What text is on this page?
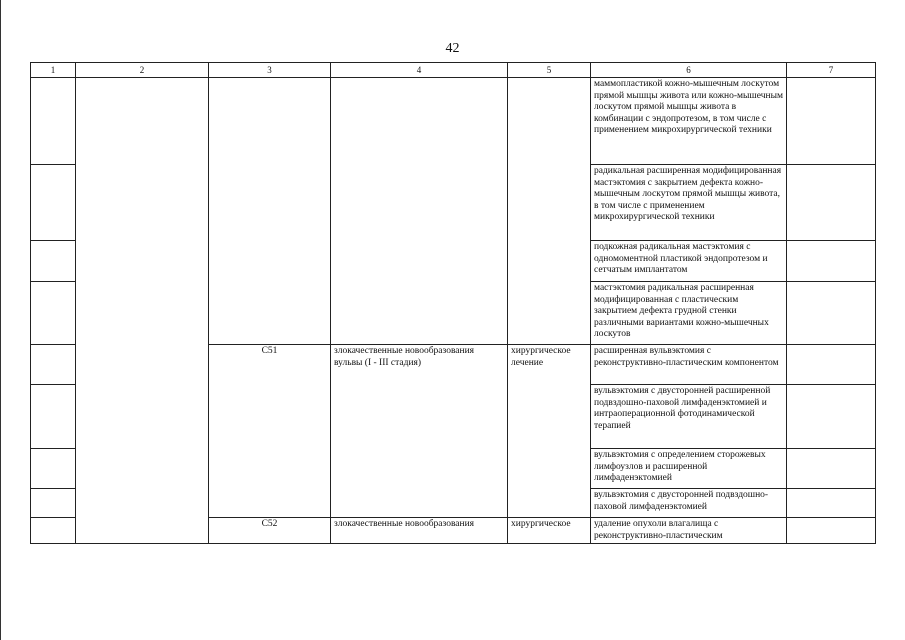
42
1	2	3	4	5	6	7
					маммопластикой кожно-мышечным лоскутом прямой мышцы живота или кожно-мышечным лоскутом прямой мышцы живота в комбинации с эндопротезом, в том числе с применением микрохирургической техники	
					радикальная расширенная модифицированная мастэктомия с закрытием дефекта кожно-мышечным лоскутом прямой мышцы живота, в том числе с применением микрохирургической техники	
					подкожная радикальная мастэктомия с одномоментной пластикой эндопротезом и сетчатым имплантатом	
					мастэктомия радикальная расширенная модифицированная с пластическим закрытием дефекта грудной стенки различными вариантами кожно-мышечных лоскутов	
		C51	злокачественные новообразования вульвы (I - III стадия)	хирургическое лечение	расширенная вульвэктомия с реконструктивно-пластическим компонентом	
					вульвэктомия с двусторонней расширенной подвздошно-паховой лимфаденэктомией и интраоперационной фотодинамической терапией	
					вульвэктомия с определением сторожевых лимфоузлов и расширенной лимфаденэктомией	
					вульвэктомия с двусторонней подвздошно-паховой лимфаденэктомией	
		C52	злокачественные новообразования	хирургическое	удаление опухоли влагалища с реконструктивно-пластическим	
